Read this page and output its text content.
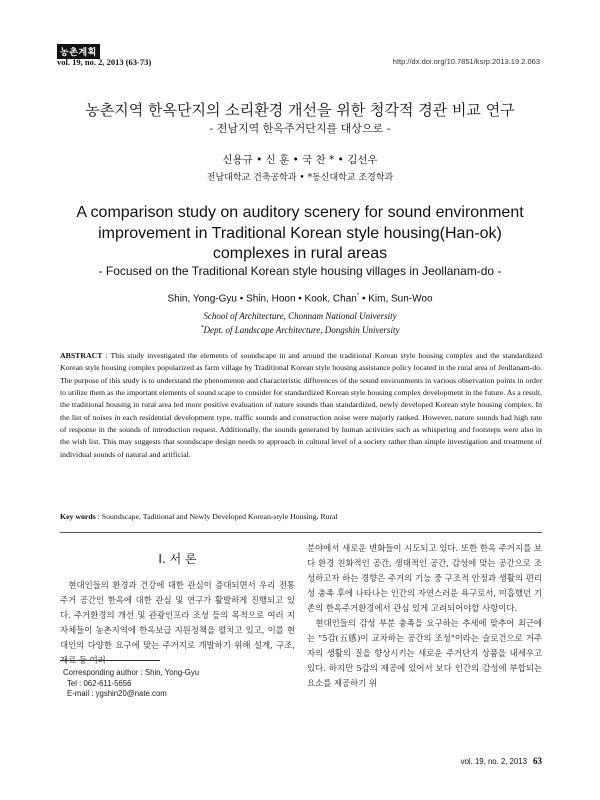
농촌계획
vol. 19, no. 2, 2013 (63-73)	http://dx.doi.org/10.7851/ksrp.2013.19.2.063
농촌지역 한옥단지의 소리환경 개선을 위한 청각적 경관 비교 연구
- 전남지역 한옥주거단지를 대상으로 -
신용규 • 신 훈 • 국 찬 * • 김선우
전남대학교 건축공학과 • *동신대학교 조경학과
A comparison study on auditory scenery for sound environment
improvement in Traditional Korean style housing(Han-ok)
complexes in rural areas
- Focused on the Traditional Korean style housing villages in Jeollanam-do -
Shin, Yong-Gyu • Shin, Hoon • Kook, Chan* • Kim, Sun-Woo
School of Architecture, Chonnam National University
*Dept. of Landscape Architecture, Dongshin University
ABSTRACT : This study investigated the elements of soundscape in and around the traditional Korean style housing complex and the standardized Korean style housing complex popularized as farm village by Traditional Korean style housing assistance policy located in the rural area of Jeollanam-do. The purpose of this study is to understand the phenomenon and characteristic differences of the sound environments in various observation points in order to utilize them as the important elements of sound scape to consider for standardized Korean style housing complex development in the future. As a result, the traditional housing in rural area led more positive evaluation of nature sounds than standardized, newly developed Korean style housing complex. In the list of noises in each residential development type, traffic sounds and construction noise were majorly ranked. However, nature sounds had high rate of response in the sounds of introduction request. Additionally, the sounds generated by human activities such as whispering and footsteps were also in the wish list. This may suggests that soundscape design needs to approach in cultural level of a society rather than simple investigation and treatment of individual sounds of natural and artificial.
Key words : Soundscape, Taditional and Newly Developed Korean-style Housing, Rural
Ⅰ. 서 론

현대인들의 환경과 건강에 대한 관심이 증대되면서 우리 전통주거 공간인 한옥에 대한 관심 및 연구가 활발하게 진행되고 있다. 주거환경의 개선 및 관광인프라 조성 등의 목적으로 여러 지자체들이 농촌지역에 한옥보급 지원정책을 펼치고 있고, 이를 현대인의 다양한 요구에 맞는 주거지로 개발하기 위해 설계, 구조, 재료 등 여러

분야에서 새로운 변화들이 시도되고 있다. 또한 한옥 주거지를 보다 환경 친화적인 공간, 생태적인 공간, 감성에 맞는 공간으로 조성하고자 하는 경향은 주거의 기능 중 구조적 안정과 생활의 편리성 충족 후에 나타나는 인간의 자연스러운 욕구로서, 미흡했던 기존의 한옥주거환경에서 관심 있게 고려되어야할 사항이다.

현대인들의 감성 부분 충족을 요구하는 추세에 맞추어 최근에는 "5감(五感)이 교차하는 공간의 조성"이라는 슬로건으로 거주자의 생활의 질을 향상시키는 새로운 주거단지 상품을 내세우고 있다. 하지만 5감의 제공에 있어서 보다 인간의 감성에 부합되는 요소를 제공하기 위

Corresponding author : Shin, Yong-Gyu
Tel : 062-611-5656
E-mail : ygshin20@nate.com
vol. 19, no. 2, 2013 63
